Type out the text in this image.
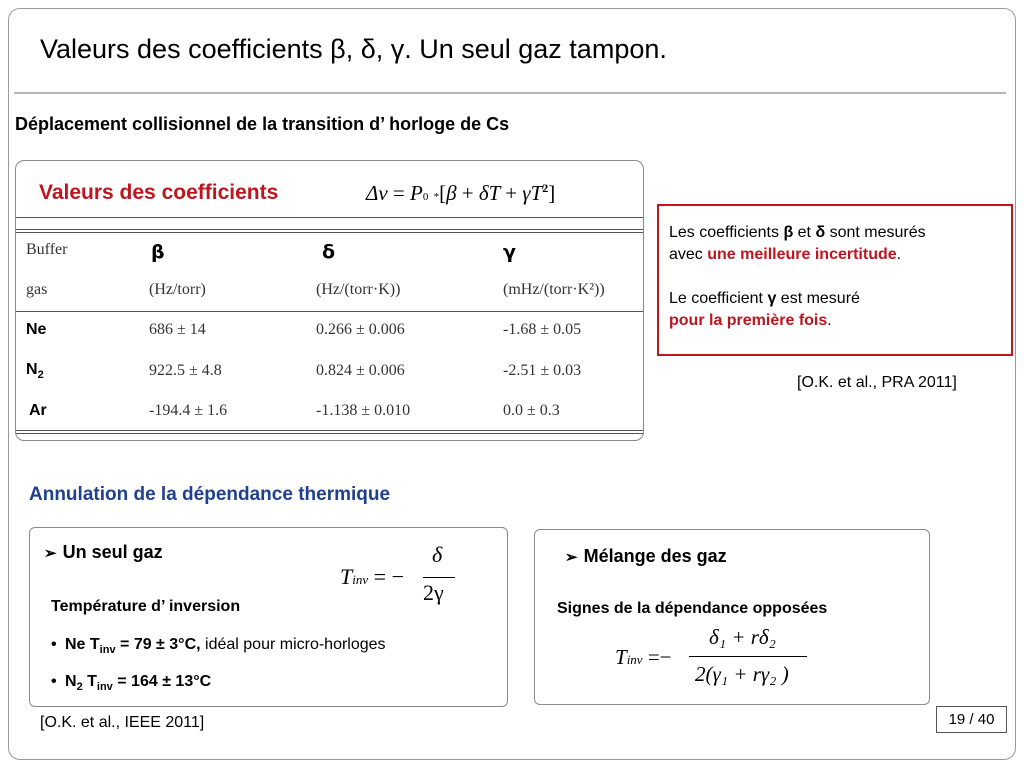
Valeurs des coefficients β, δ, γ. Un seul gaz tampon.
Déplacement collisionnel de la transition d’ horloge de Cs
Valeurs des coefficients	Δν = P0 $*[\beta + \delta T + \gamma T^2]$
Buffer	β	δ	γ
gas	(Hz/torr)	(Hz/(torr·K))	(mHz/(torr·K²))
Ne	686 ± 14	0.266 ± 0.006	-1.68 ± 0.05
$N_2$	922.5 ± 4.8	0.824 ± 0.006	-2.51 ± 0.03
Ar	-194.4 ± 1.6	-1.138 ± 0.010	0.0 ± 0.3
Les coefficients β et δ sont mesurés
avec une meilleure incertitude.
Le coefficient γ est mesuré
pour la première fois.
[O.K. et al., PRA 2011]
Annulation de la dépendance thermique
➢ Un seul gaz
Tinv = −
δ
2γ
Température d’ inversion
• Ne $T_{inv} = 79 \pm 3^\circ C$, idéal pour micro-horloges
• $N_2$ $T_{inv} = 164 \pm 13^\circ C$
➢ Mélange des gaz
Signes de la dépendance opposées
Tinv =−
δ₁ + rδ₂
2(γ₁ + rγ₂ )
[O.K. et al., IEEE 2011]	19 / 40
